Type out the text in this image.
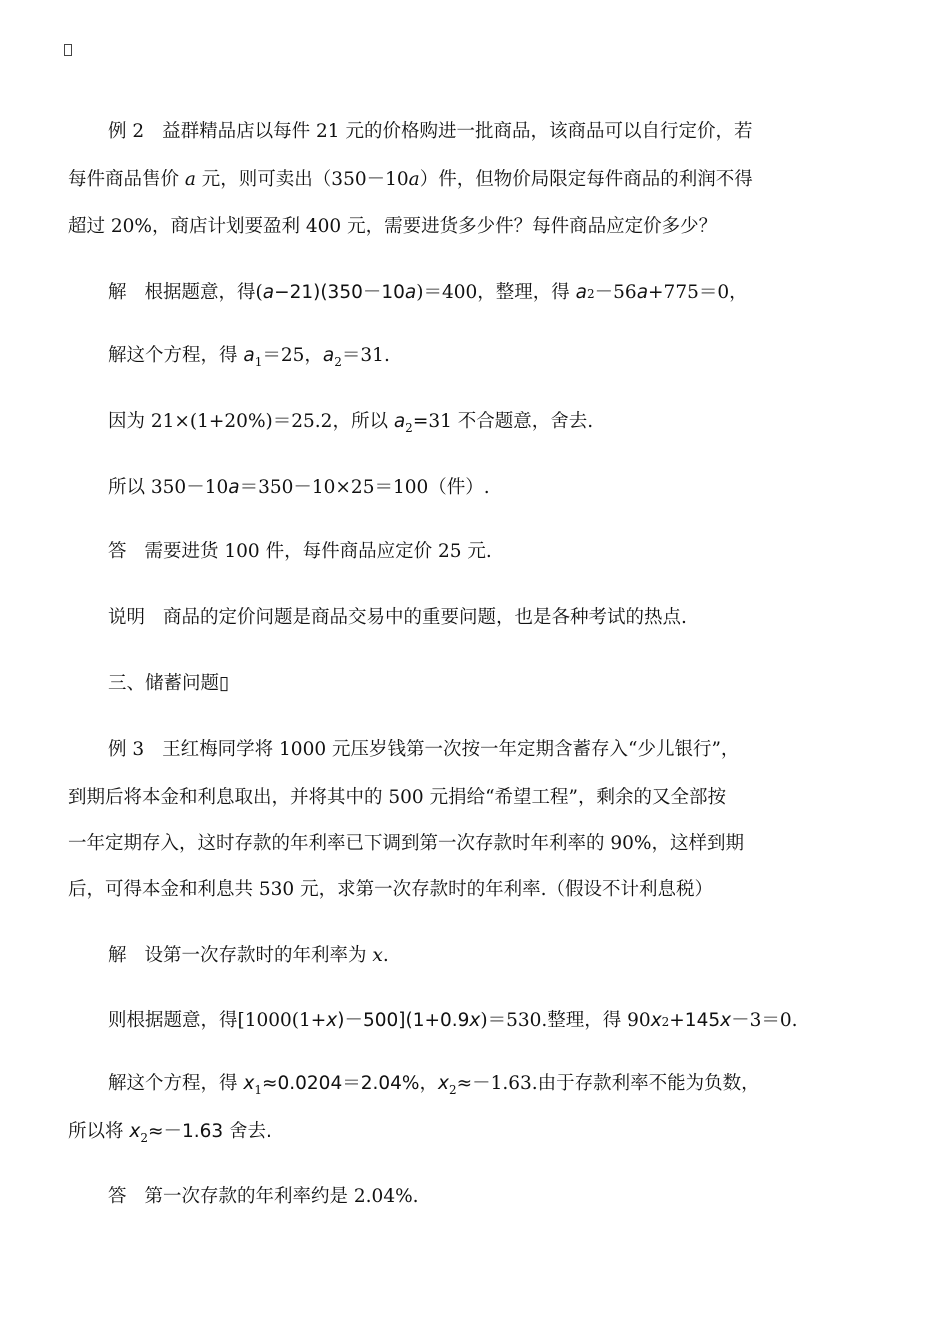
例 2 益群精品店以每件 21 元的价格购进一批商品，该商品可以自行定价，若
每件商品售价 a 元，则可卖出（350－10a）件，但物价局限定每件商品的利润不得
超过 20%，商店计划要盈利 400 元，需要进货多少件？每件商品应定价多少？
解 根据题意，得(a−21)(350－10a)＝400，整理，得 a2－56a+775＝0，
解这个方程，得 $a_1=25$，$a_2=31$.
因为 21×(1+20%)＝25.2，所以 $a_2=31$ 不合题意，舍去.
所以 350－10a＝350－10×25＝100（件）.
答 需要进货 100 件，每件商品应定价 25 元.
说明 商品的定价问题是商品交易中的重要问题，也是各种考试的热点.
三、储蓄问题▯
例 3 王红梅同学将 1000 元压岁钱第一次按一年定期含蓄存入“少儿银行”，
到期后将本金和利息取出，并将其中的 500 元捐给“希望工程”，剩余的又全部按
一年定期存入，这时存款的年利率已下调到第一次存款时年利率的 90%，这样到期
后，可得本金和利息共 530 元，求第一次存款时的年利率.（假设不计利息税）
解 设第一次存款时的年利率为 x.
则根据题意，得[1000(1+x)－500](1+0.9x)＝530.整理，得 90x2+145x－3＝0.
解这个方程，得 $x_1\approx 0.0204=2.04\%$，$x_2\approx-1.63$.由于存款利率不能为负数，
所以将 $x_2\approx-1.63$ 舍去.
答 第一次存款的年利率约是 2.04%.
